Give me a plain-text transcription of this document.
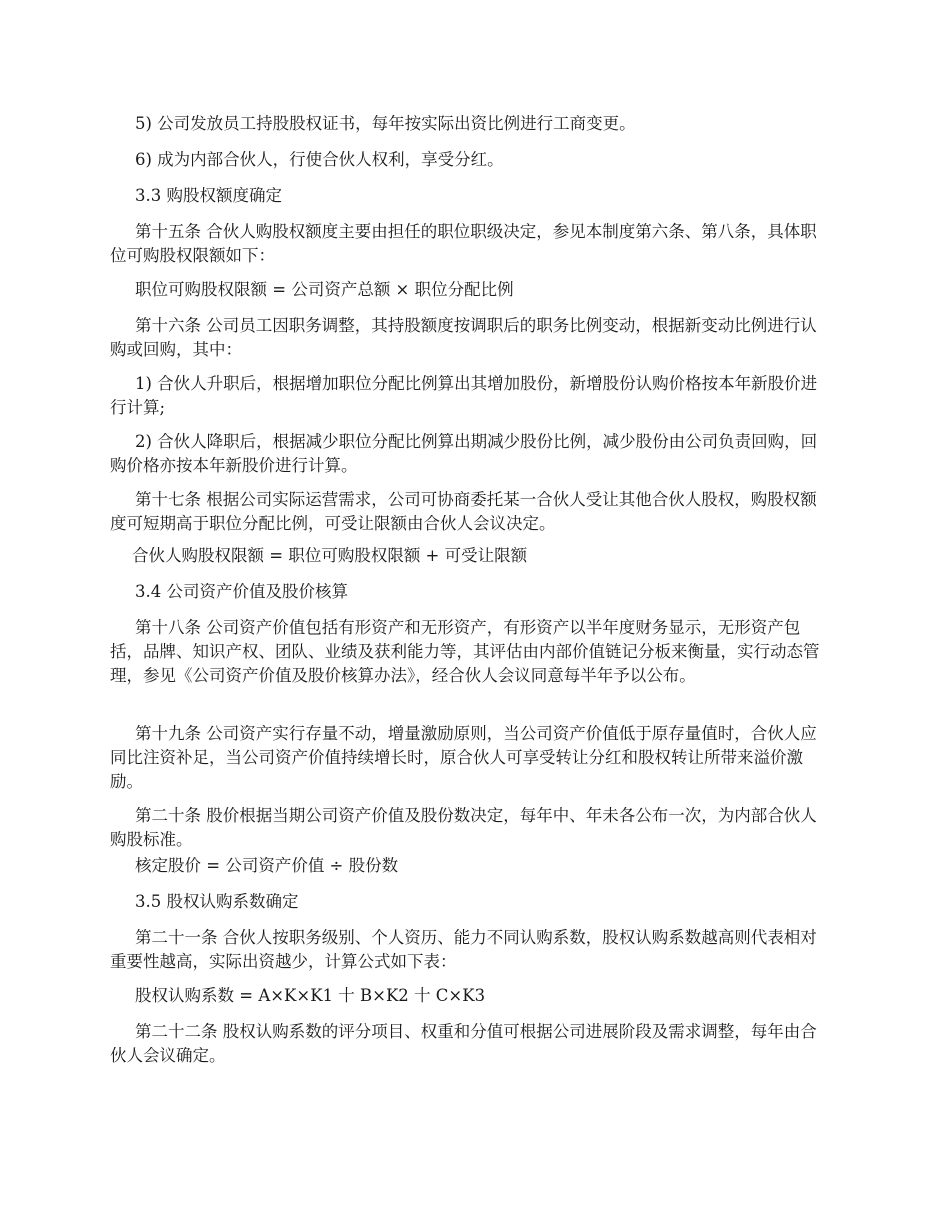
5) 公司发放员工持股股权证书，每年按实际出资比例进行工商变更。

6) 成为内部合伙人，行使合伙人权利，享受分红。

3.3 购股权额度确定

第十五条 合伙人购股权额度主要由担任的职位职级决定，参见本制度第六条、第八条，具体职位可购股权限额如下：

职位可购股权限额 = 公司资产总额 × 职位分配比例

第十六条 公司员工因职务调整，其持股额度按调职后的职务比例变动，根据新变动比例进行认购或回购，其中：

1) 合伙人升职后，根据增加职位分配比例算出其增加股份，新增股份认购价格按本年新股价进行计算;

2) 合伙人降职后，根据减少职位分配比例算出期减少股份比例，减少股份由公司负责回购，回购价格亦按本年新股价进行计算。

第十七条 根据公司实际运营需求，公司可协商委托某一合伙人受让其他合伙人股权，购股权额度可短期高于职位分配比例，可受让限额由合伙人会议决定。

合伙人购股权限额 = 职位可购股权限额 + 可受让限额

3.4 公司资产价值及股价核算

第十八条 公司资产价值包括有形资产和无形资产，有形资产以半年度财务显示，无形资产包括，品牌、知识产权、团队、业绩及获利能力等，其评估由内部价值链记分板来衡量，实行动态管理，参见《公司资产价值及股价核算办法》，经合伙人会议同意每半年予以公布。

第十九条 公司资产实行存量不动，增量激励原则，当公司资产价值低于原存量值时，合伙人应同比注资补足，当公司资产价值持续增长时，原合伙人可享受转让分红和股权转让所带来溢价激励。

第二十条 股价根据当期公司资产价值及股份数决定，每年中、年未各公布一次，为内部合伙人购股标准。

核定股价 = 公司资产价值 ÷ 股份数

3.5 股权认购系数确定

第二十一条 合伙人按职务级别、个人资历、能力不同认购系数，股权认购系数越高则代表相对重要性越高，实际出资越少，计算公式如下表：

股权认购系数 = A×K×K1 十 B×K2 十 C×K3

第二十二条 股权认购系数的评分项目、权重和分值可根据公司进展阶段及需求调整，每年由合伙人会议确定。
